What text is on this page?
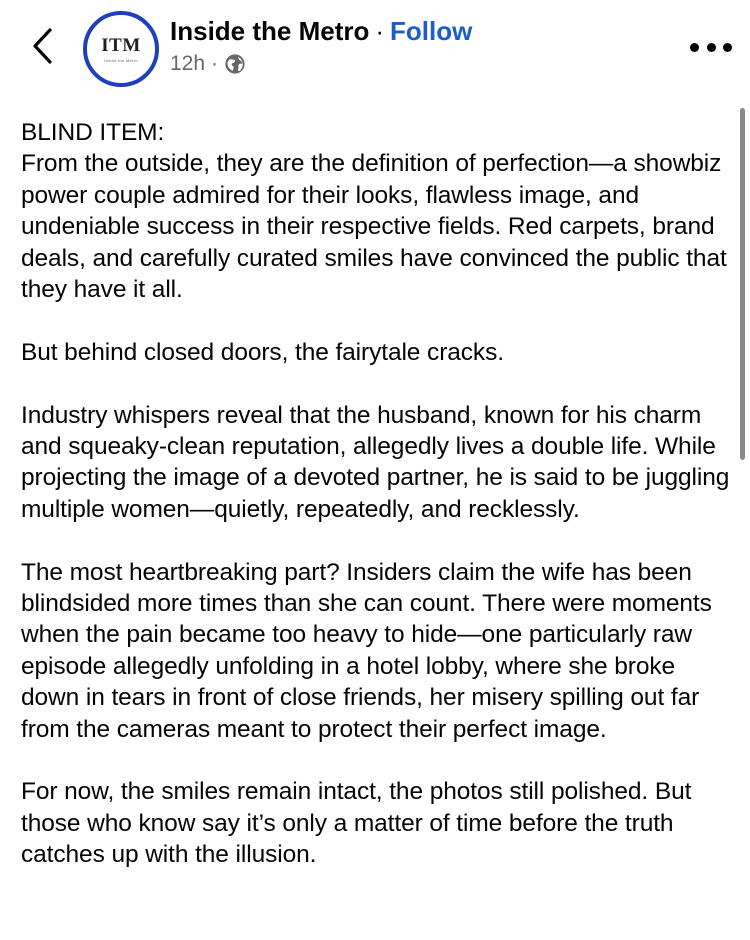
ITM
Inside the Metro
Inside the Metro · Follow
12h ·
BLIND ITEM:

From the outside, they are the definition of perfection—a showbiz power couple admired for their looks, flawless image, and undeniable success in their respective fields. Red carpets, brand deals, and carefully curated smiles have convinced the public that they have it all.

But behind closed doors, the fairytale cracks.

Industry whispers reveal that the husband, known for his charm and squeaky-clean reputation, allegedly lives a double life. While projecting the image of a devoted partner, he is said to be juggling multiple women—quietly, repeatedly, and recklessly.

The most heartbreaking part? Insiders claim the wife has been blindsided more times than she can count. There were moments when the pain became too heavy to hide—one particularly raw episode allegedly unfolding in a hotel lobby, where she broke down in tears in front of close friends, her misery spilling out far from the cameras meant to protect their perfect image.

For now, the smiles remain intact, the photos still polished. But those who know say it’s only a matter of time before the truth catches up with the illusion.
